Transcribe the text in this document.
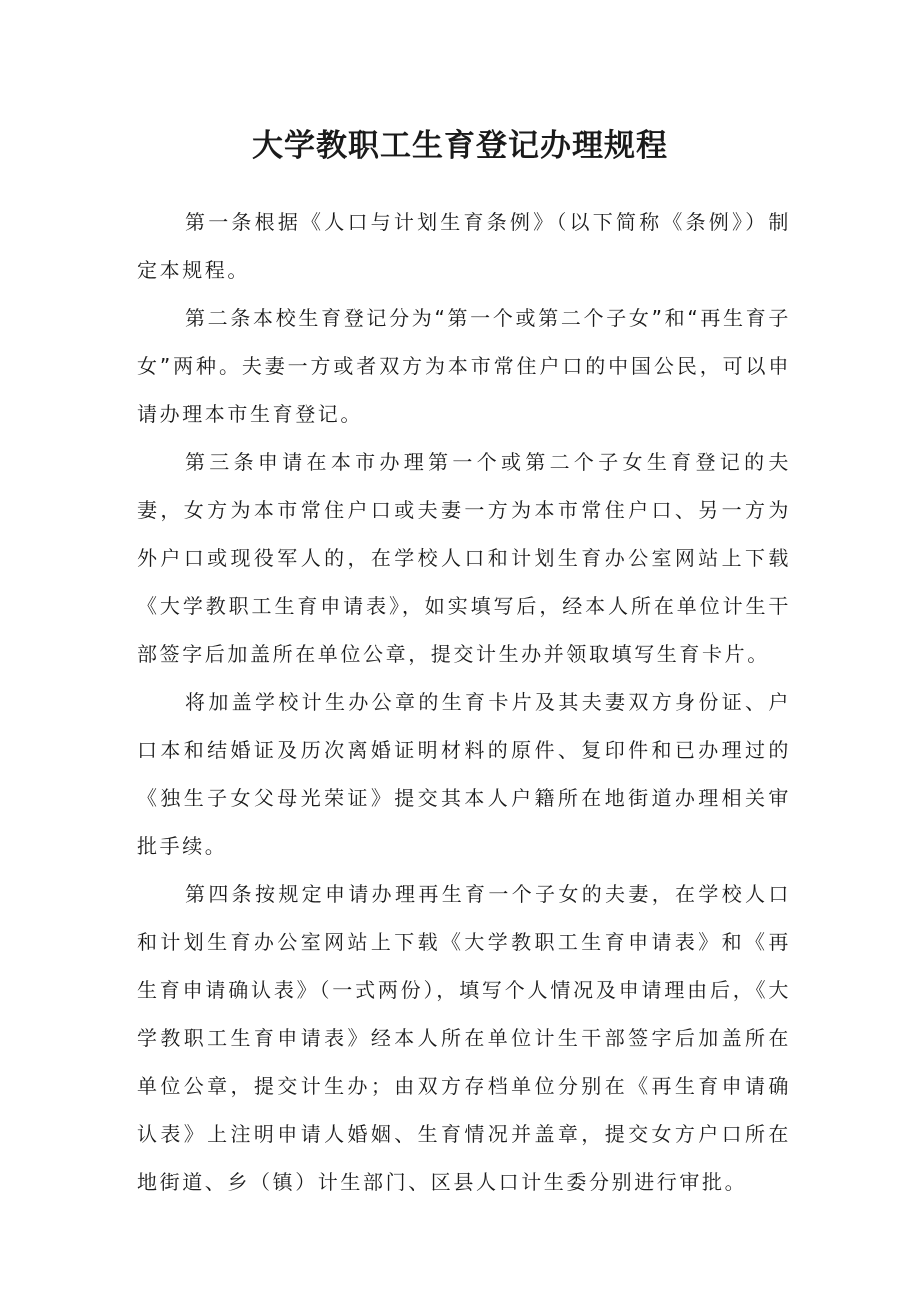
大学教职工生育登记办理规程

第一条根据《人口与计划生育条例》（以下简称《条例》）制定本规程。

第二条本校生育登记分为“第一个或第二个子女”和“再生育子女”两种。夫妻一方或者双方为本市常住户口的中国公民，可以申请办理本市生育登记。

第三条申请在本市办理第一个或第二个子女生育登记的夫妻，女方为本市常住户口或夫妻一方为本市常住户口、另一方为外户口或现役军人的，在学校人口和计划生育办公室网站上下载《大学教职工生育申请表》，如实填写后，经本人所在单位计生干部签字后加盖所在单位公章，提交计生办并领取填写生育卡片。

将加盖学校计生办公章的生育卡片及其夫妻双方身份证、户口本和结婚证及历次离婚证明材料的原件、复印件和已办理过的《独生子女父母光荣证》提交其本人户籍所在地街道办理相关审批手续。

第四条按规定申请办理再生育一个子女的夫妻，在学校人口和计划生育办公室网站上下载《大学教职工生育申请表》和《再生育申请确认表》（一式两份），填写个人情况及申请理由后，《大学教职工生育申请表》经本人所在单位计生干部签字后加盖所在单位公章，提交计生办；由双方存档单位分别在《再生育申请确认表》上注明申请人婚姻、生育情况并盖章，提交女方户口所在地街道、乡（镇）计生部门、区县人口计生委分别进行审批。
